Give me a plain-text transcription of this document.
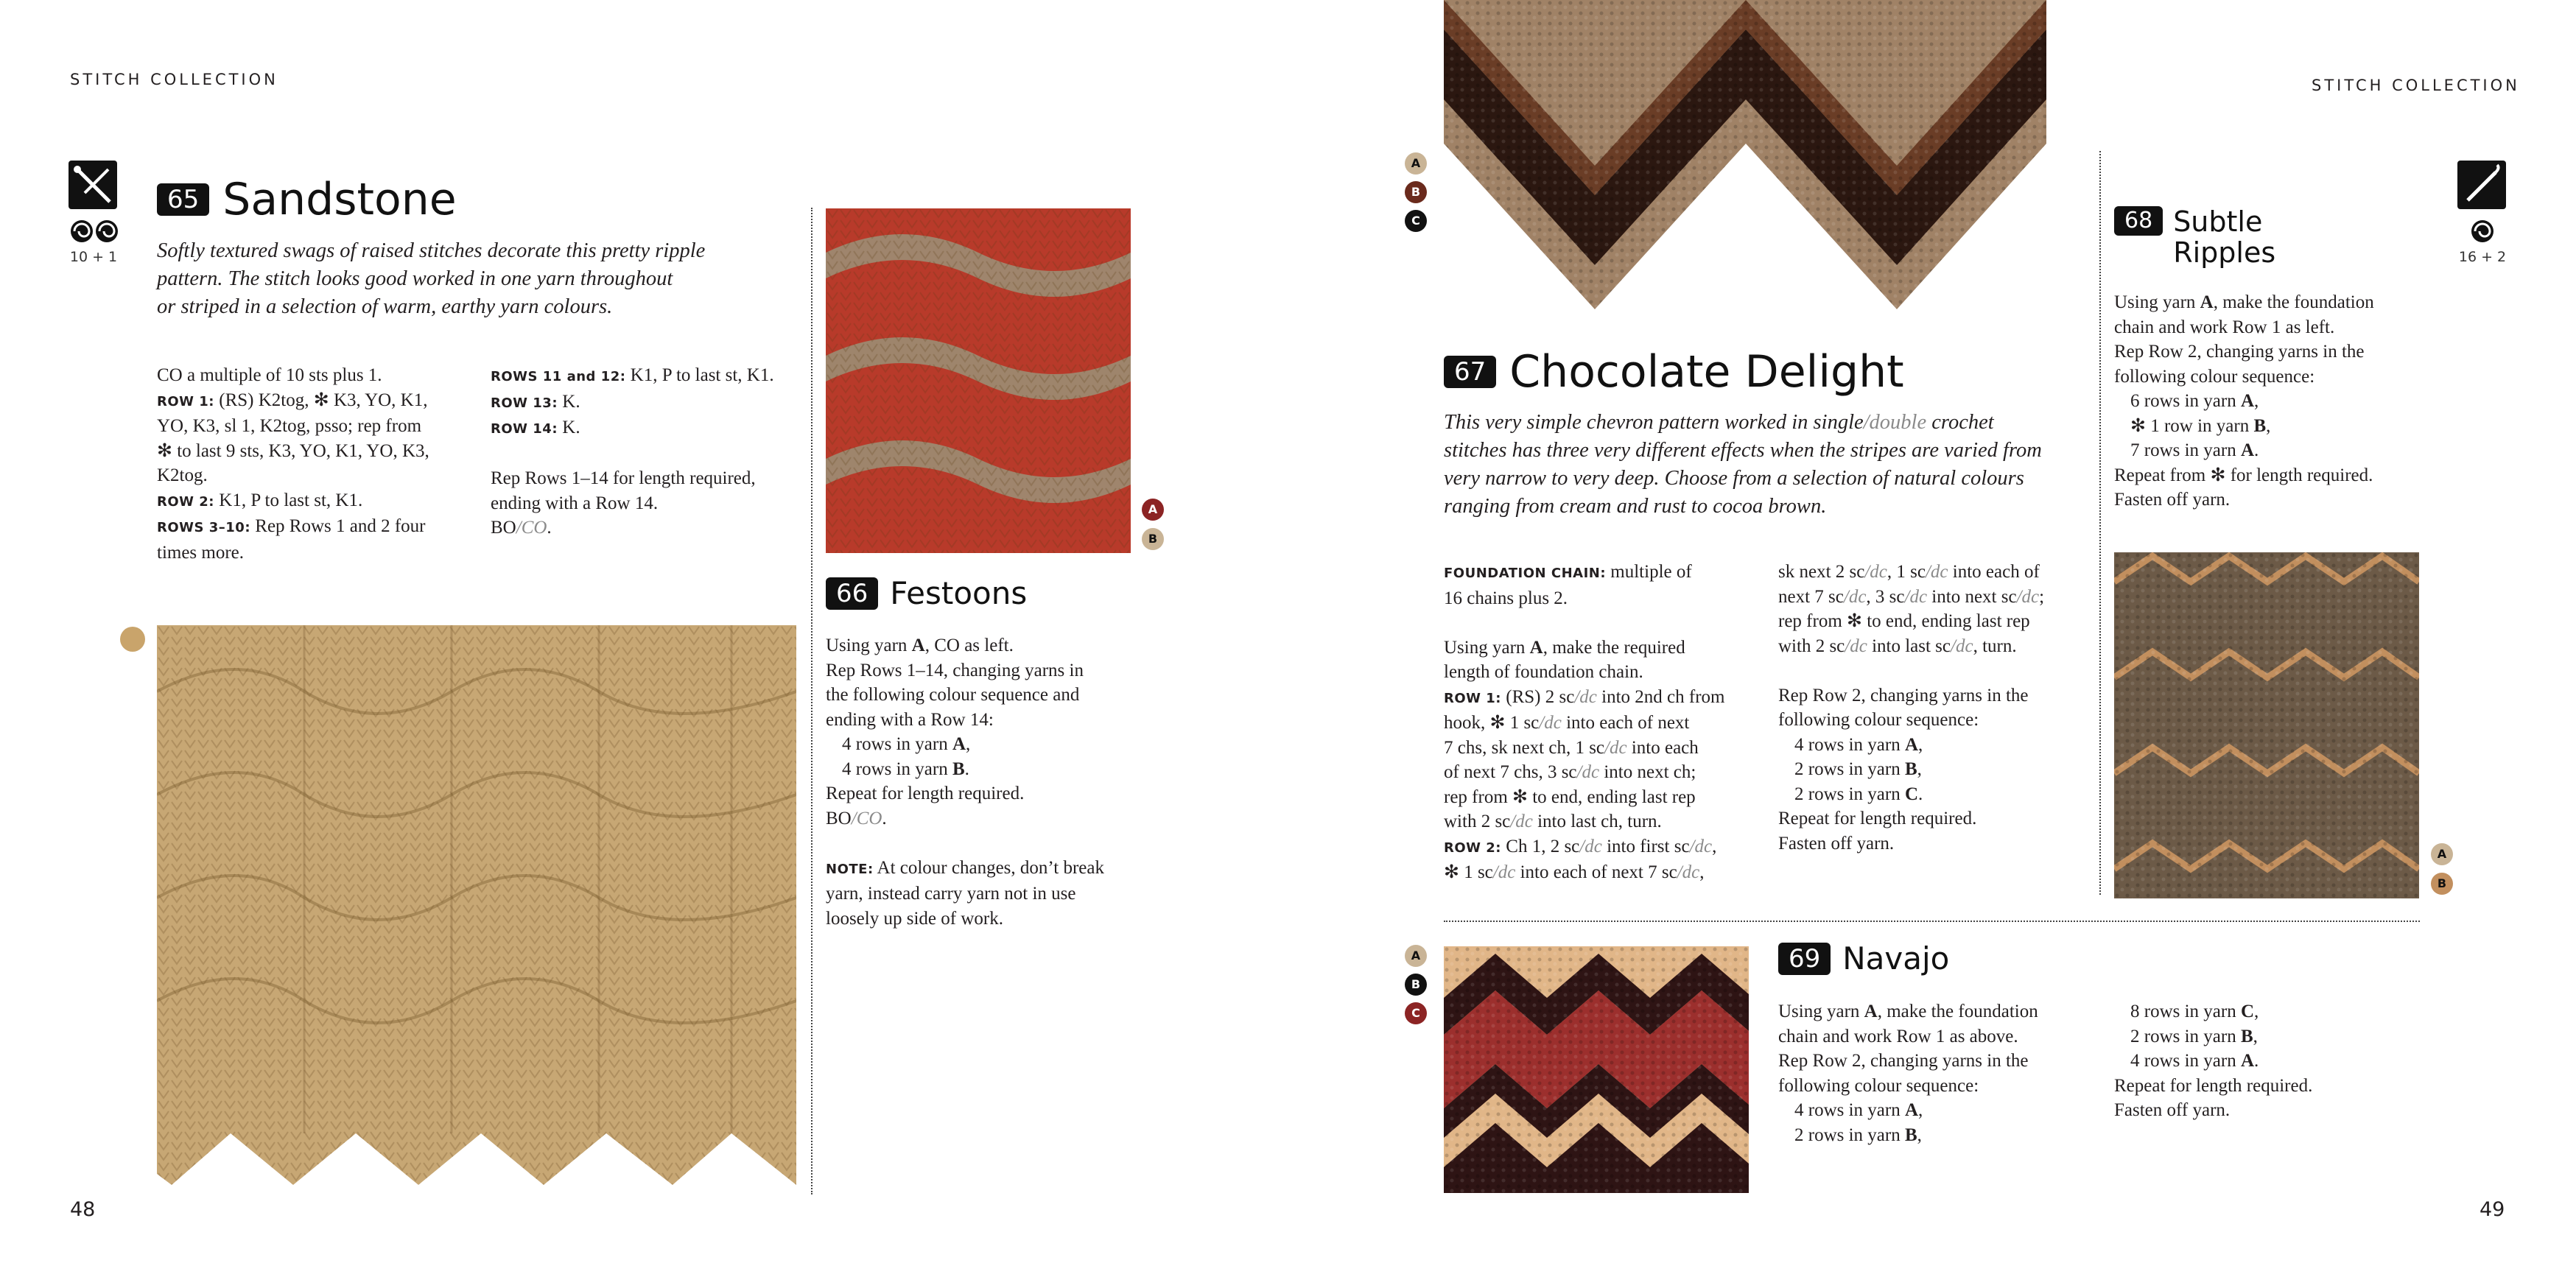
STITCH COLLECTION
10 + 1
65 Sandstone
Softly textured swags of raised stitches decorate this pretty ripple
pattern. The stitch looks good worked in one yarn throughout
or striped in a selection of warm, earthy yarn colours.
CO a multiple of 10 sts plus 1.
ROW 1: (RS) K2tog, ✻ K3, YO, K1,
YO, K3, sl 1, K2tog, psso; rep from
✻ to last 9 sts, K3, YO, K1, YO, K3,
K2tog.
ROW 2: K1, P to last st, K1.
ROWS 3–10: Rep Rows 1 and 2 four
times more.
ROWS 11 and 12: K1, P to last st, K1.
ROW 13: K.
ROW 14: K.

Rep Rows 1–14 for length required,
ending with a Row 14.
BO/CO.
A
B
66 Festoons
Using yarn A, CO as left.
Rep Rows 1–14, changing yarns in
the following colour sequence and
ending with a Row 14:
4 rows in yarn A,
4 rows in yarn B.
Repeat for length required.
BO/CO.

NOTE: At colour changes, don’t break
yarn, instead carry yarn not in use
loosely up side of work.
48
STITCH COLLECTION
A
B
C
67 Chocolate Delight
This very simple chevron pattern worked in single/double crochet
stitches has three very different effects when the stripes are varied from
very narrow to very deep. Choose from a selection of natural colours
ranging from cream and rust to cocoa brown.
FOUNDATION CHAIN: multiple of
16 chains plus 2.

Using yarn A, make the required
length of foundation chain.
ROW 1: (RS) 2 sc/dc into 2nd ch from
hook, ✻ 1 sc/dc into each of next
7 chs, sk next ch, 1 sc/dc into each
of next 7 chs, 3 sc/dc into next ch;
rep from ✻ to end, ending last rep
with 2 sc/dc into last ch, turn.
ROW 2: Ch 1, 2 sc/dc into first sc/dc,
✻ 1 sc/dc into each of next 7 sc/dc,
sk next 2 sc/dc, 1 sc/dc into each of
next 7 sc/dc, 3 sc/dc into next sc/dc;
rep from ✻ to end, ending last rep
with 2 sc/dc into last sc/dc, turn.

Rep Row 2, changing yarns in the
following colour sequence:
4 rows in yarn A,
2 rows in yarn B,
2 rows in yarn C.
Repeat for length required.
Fasten off yarn.
16 + 2
68 Subtle
Ripples
Using yarn A, make the foundation
chain and work Row 1 as left.
Rep Row 2, changing yarns in the
following colour sequence:
6 rows in yarn A,
✻ 1 row in yarn B,
7 rows in yarn A.
Repeat from ✻ for length required.
Fasten off yarn.
A
B
A
B
C
69 Navajo
Using yarn A, make the foundation
chain and work Row 1 as above.
Rep Row 2, changing yarns in the
following colour sequence:
4 rows in yarn A,
2 rows in yarn B,
8 rows in yarn C,
2 rows in yarn B,
4 rows in yarn A.
Repeat for length required.
Fasten off yarn.
49
